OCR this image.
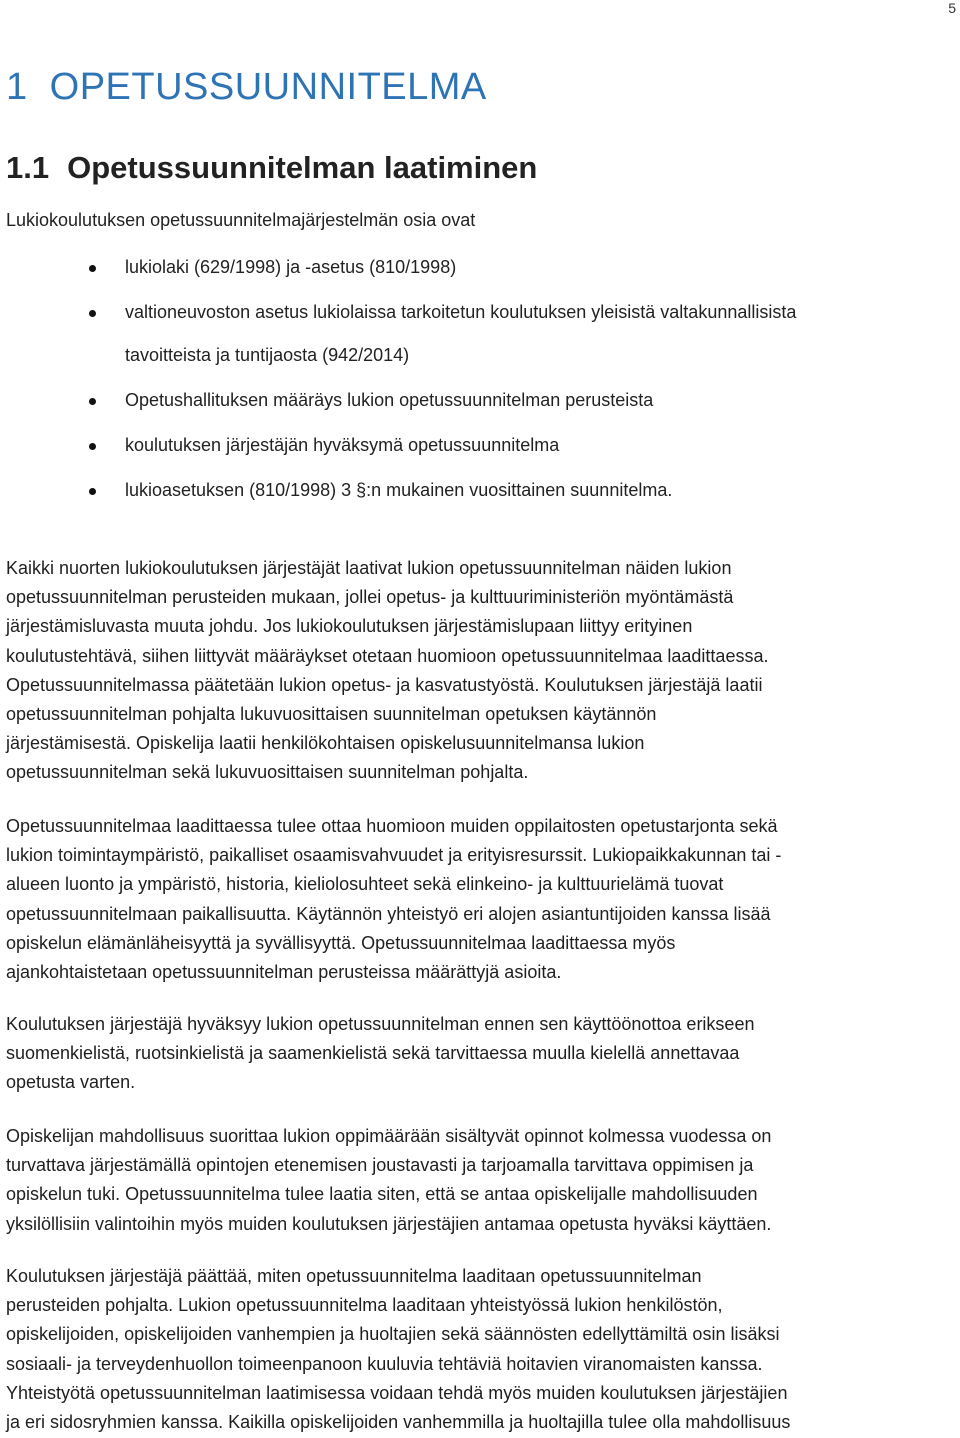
5
1 OPETUSSUUNNITELMA
1.1 Opetussuunnitelman laatiminen
Lukiokoulutuksen opetussuunnitelmajärjestelmän osia ovat
lukiolaki (629/1998) ja -asetus (810/1998)
valtioneuvoston asetus lukiolaissa tarkoitetun koulutuksen yleisistä valtakunnallisista
tavoitteista ja tuntijaosta (942/2014)
Opetushallituksen määräys lukion opetussuunnitelman perusteista
koulutuksen järjestäjän hyväksymä opetussuunnitelma
lukioasetuksen (810/1998) 3 §:n mukainen vuosittainen suunnitelma.

Kaikki nuorten lukiokoulutuksen järjestäjät laativat lukion opetussuunnitelman näiden lukion
opetussuunnitelman perusteiden mukaan, jollei opetus- ja kulttuuriministeriön myöntämästä
järjestämisluvasta muuta johdu. Jos lukiokoulutuksen järjestämislupaan liittyy erityinen
koulutustehtävä, siihen liittyvät määräykset otetaan huomioon opetussuunnitelmaa laadittaessa.
Opetussuunnitelmassa päätetään lukion opetus- ja kasvatustyöstä. Koulutuksen järjestäjä laatii
opetussuunnitelman pohjalta lukuvuosittaisen suunnitelman opetuksen käytännön
järjestämisestä. Opiskelija laatii henkilökohtaisen opiskelusuunnitelmansa lukion
opetussuunnitelman sekä lukuvuosittaisen suunnitelman pohjalta.

Opetussuunnitelmaa laadittaessa tulee ottaa huomioon muiden oppilaitosten opetustarjonta sekä
lukion toimintaympäristö, paikalliset osaamisvahvuudet ja erityisresurssit. Lukiopaikkakunnan tai -
alueen luonto ja ympäristö, historia, kieliolosuhteet sekä elinkeino- ja kulttuurielämä tuovat
opetussuunnitelmaan paikallisuutta. Käytännön yhteistyö eri alojen asiantuntijoiden kanssa lisää
opiskelun elämänläheisyyttä ja syvällisyyttä. Opetussuunnitelmaa laadittaessa myös
ajankohtaistetaan opetussuunnitelman perusteissa määrättyjä asioita.

Koulutuksen järjestäjä hyväksyy lukion opetussuunnitelman ennen sen käyttöönottoa erikseen
suomenkielistä, ruotsinkielistä ja saamenkielistä sekä tarvittaessa muulla kielellä annettavaa
opetusta varten.

Opiskelijan mahdollisuus suorittaa lukion oppimäärään sisältyvät opinnot kolmessa vuodessa on
turvattava järjestämällä opintojen etenemisen joustavasti ja tarjoamalla tarvittava oppimisen ja
opiskelun tuki. Opetussuunnitelma tulee laatia siten, että se antaa opiskelijalle mahdollisuuden
yksilöllisiin valintoihin myös muiden koulutuksen järjestäjien antamaa opetusta hyväksi käyttäen.

Koulutuksen järjestäjä päättää, miten opetussuunnitelma laaditaan opetussuunnitelman
perusteiden pohjalta. Lukion opetussuunnitelma laaditaan yhteistyössä lukion henkilöstön,
opiskelijoiden, opiskelijoiden vanhempien ja huoltajien sekä säännösten edellyttämiltä osin lisäksi
sosiaali- ja terveydenhuollon toimeenpanoon kuuluvia tehtäviä hoitavien viranomaisten kanssa.
Yhteistyötä opetussuunnitelman laatimisessa voidaan tehdä myös muiden koulutuksen järjestäjien
ja eri sidosryhmien kanssa. Kaikilla opiskelijoiden vanhemmilla ja huoltajilla tulee olla mahdollisuus
